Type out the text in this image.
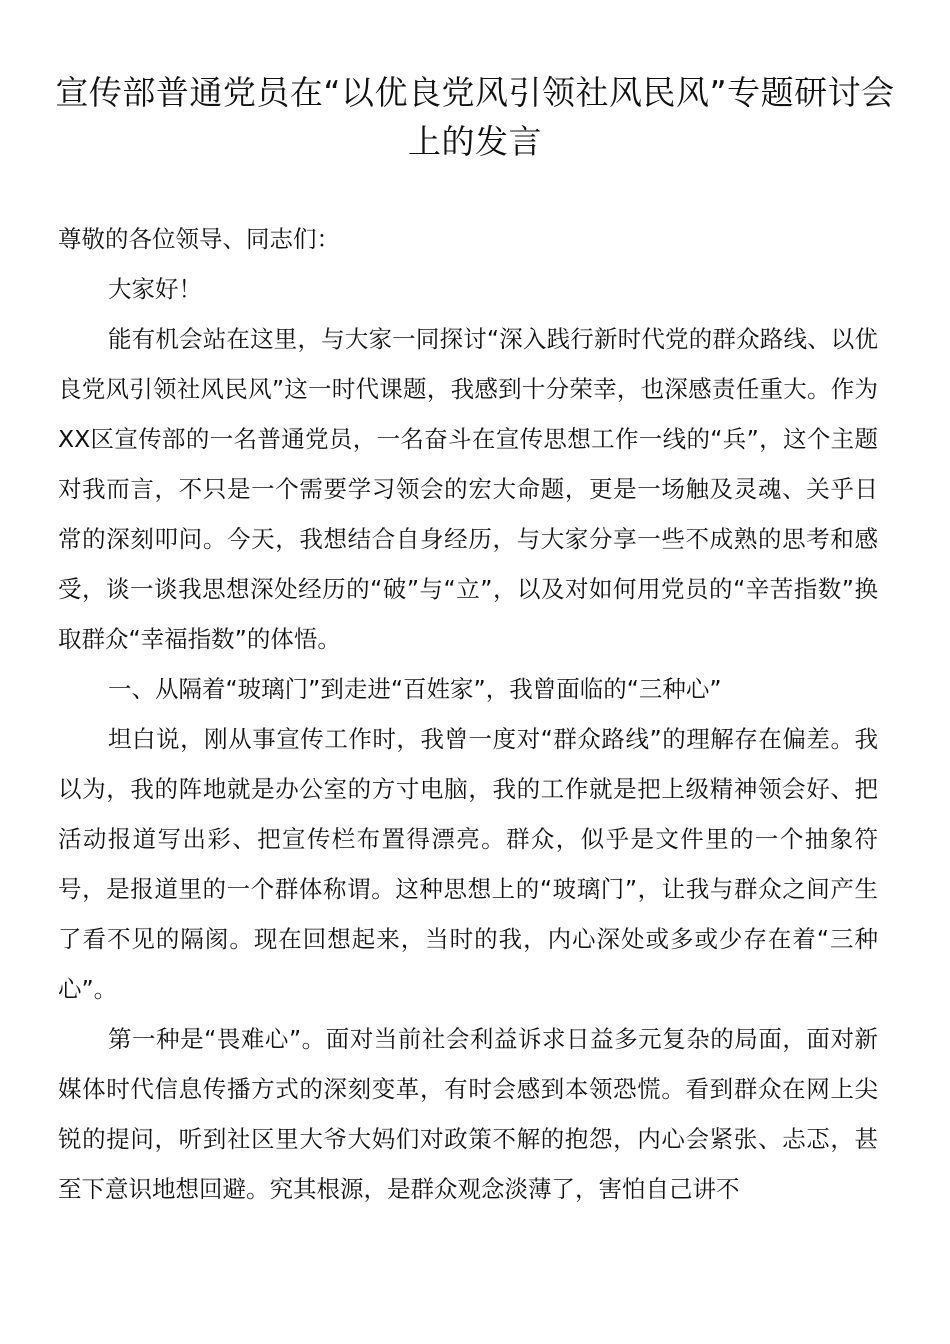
宣传部普通党员在“以优良党风引领社风民风”专题研讨会上的发言

尊敬的各位领导、同志们：

大家好！

能有机会站在这里，与大家一同探讨“深入践行新时代党的群众路线、以优良党风引领社风民风”这一时代课题，我感到十分荣幸，也深感责任重大。作为XX区宣传部的一名普通党员，一名奋斗在宣传思想工作一线的“兵”，这个主题对我而言，不只是一个需要学习领会的宏大命题，更是一场触及灵魂、关乎日常的深刻叩问。今天，我想结合自身经历，与大家分享一些不成熟的思考和感受，谈一谈我思想深处经历的“破”与“立”，以及对如何用党员的“辛苦指数”换取群众“幸福指数”的体悟。

一、从隔着“玻璃门”到走进“百姓家”，我曾面临的“三种心”

坦白说，刚从事宣传工作时，我曾一度对“群众路线”的理解存在偏差。我以为，我的阵地就是办公室的方寸电脑，我的工作就是把上级精神领会好、把活动报道写出彩、把宣传栏布置得漂亮。群众，似乎是文件里的一个抽象符号，是报道里的一个群体称谓。这种思想上的“玻璃门”，让我与群众之间产生了看不见的隔阂。现在回想起来，当时的我，内心深处或多或少存在着“三种心”。

第一种是“畏难心”。面对当前社会利益诉求日益多元复杂的局面，面对新媒体时代信息传播方式的深刻变革，有时会感到本领恐慌。看到群众在网上尖锐的提问，听到社区里大爷大妈们对政策不解的抱怨，内心会紧张、忐忑，甚至下意识地想回避。究其根源，是群众观念淡薄了，害怕自己讲不
